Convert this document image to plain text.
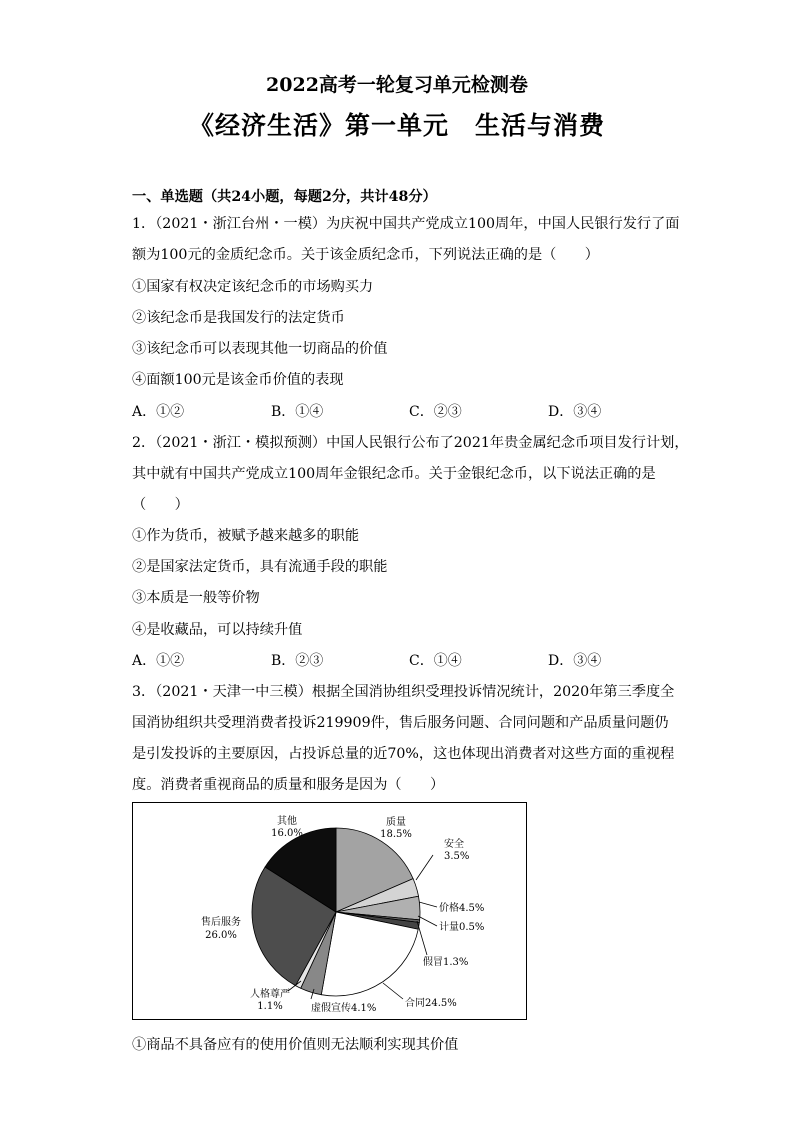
2022高考一轮复习单元检测卷
《经济生活》第一单元　生活与消费
一、单选题（共24小题，每题2分，共计48分）
1．（2021・浙江台州・一模）为庆祝中国共产党成立100周年，中国人民银行发行了面
额为100元的金质纪念币。关于该金质纪念币，下列说法正确的是（　　）
①国家有权决定该纪念币的市场购买力
②该纪念币是我国发行的法定货币
③该纪念币可以表现其他一切商品的价值
④面额100元是该金币价值的表现
A．①②	B．①④	C．②③	D．③④
2．（2021・浙江・模拟预测）中国人民银行公布了2021年贵金属纪念币项目发行计划，
其中就有中国共产党成立100周年金银纪念币。关于金银纪念币，以下说法正确的是
（　　）
①作为货币，被赋予越来越多的职能
②是国家法定货币，具有流通手段的职能
③本质是一般等价物
④是收藏品，可以持续升值
A．①②	B．②③	C．①④	D．③④
3．（2021・天津一中三模）根据全国消协组织受理投诉情况统计，2020年第三季度全
国消协组织共受理消费者投诉219909件，售后服务问题、合同问题和产品质量问题仍
是引发投诉的主要原因，占投诉总量的近70%，这也体现出消费者对这些方面的重视程
度。消费者重视商品的质量和服务是因为（　　）
质量
18.5%
安全
3.5%
价格4.5%
计量0.5%
假冒1.3%
合同24.5%
虚假宣传4.1%
人格尊严
1.1%
售后服务
26.0%
其他
16.0%
①商品不具备应有的使用价值则无法顺利实现其价值
